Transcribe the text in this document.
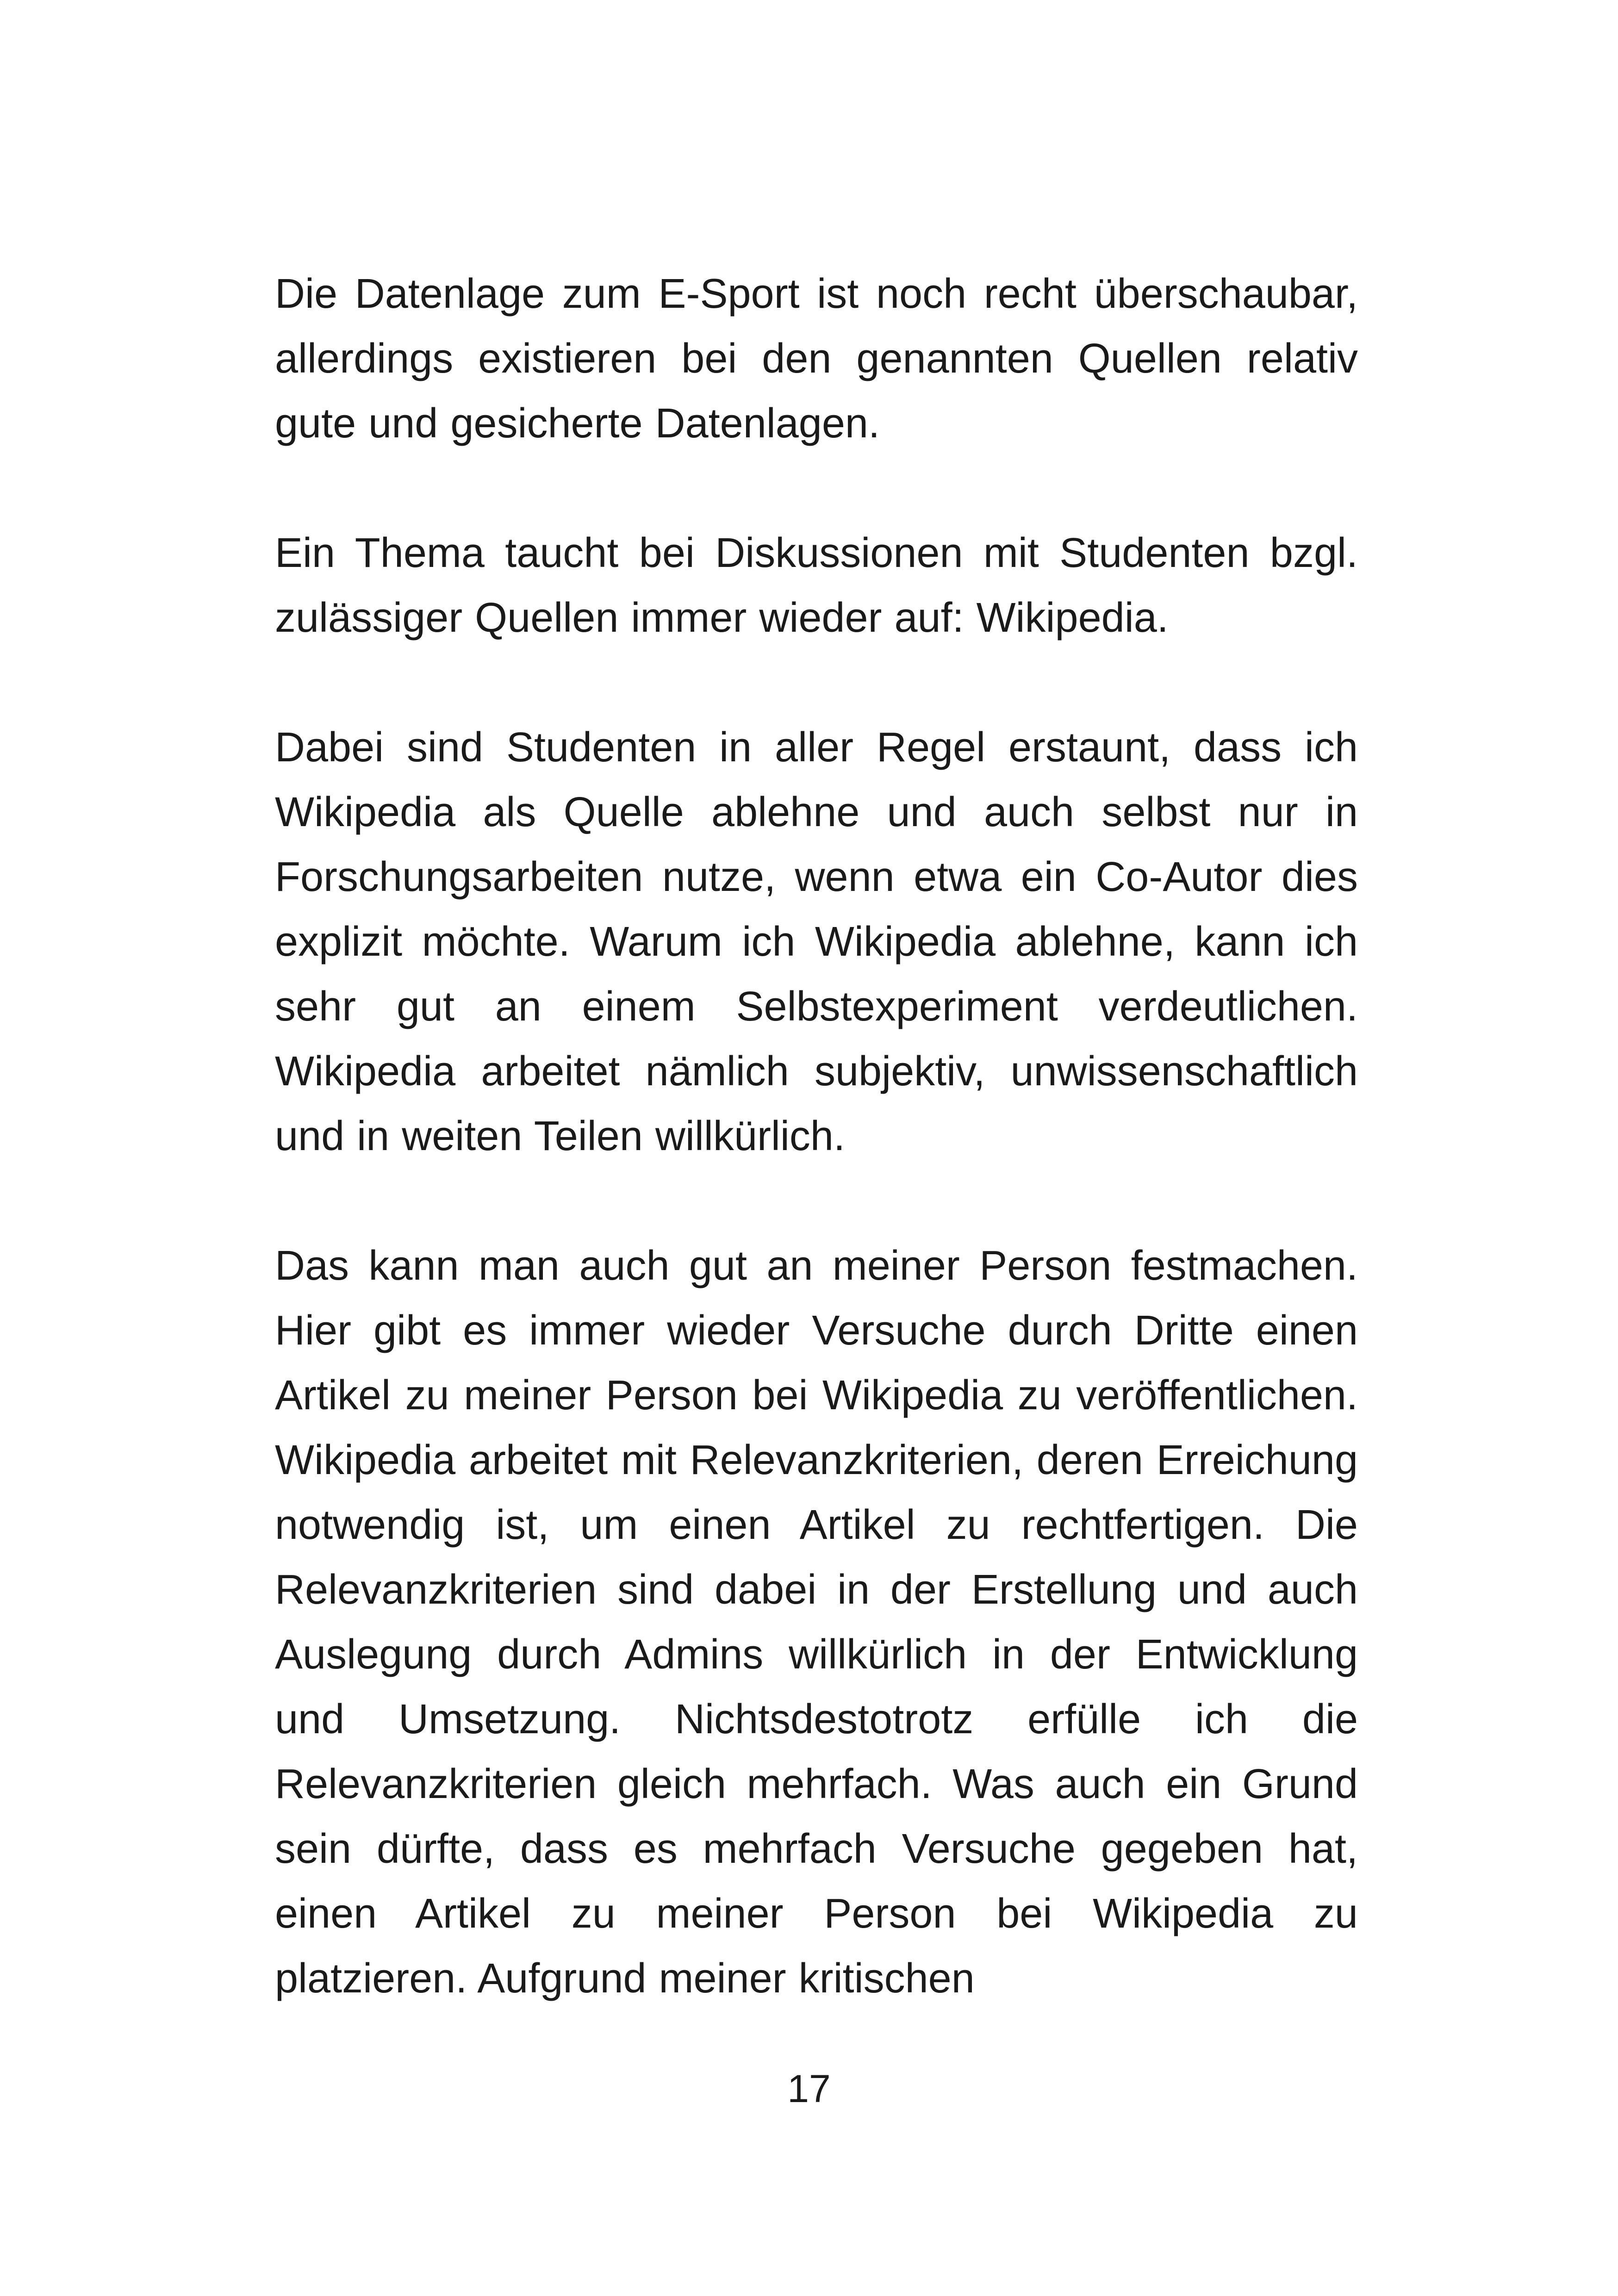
Die Datenlage zum E-Sport ist noch recht überschaubar, allerdings existieren bei den genannten Quellen relativ gute und gesicherte Datenlagen.

Ein Thema taucht bei Diskussionen mit Studenten bzgl. zulässiger Quellen immer wieder auf: Wikipedia.

Dabei sind Studenten in aller Regel erstaunt, dass ich Wikipedia als Quelle ablehne und auch selbst nur in Forschungsarbeiten nutze, wenn etwa ein Co-Autor dies explizit möchte. Warum ich Wikipedia ablehne, kann ich sehr gut an einem Selbstexperiment verdeutlichen. Wikipedia arbeitet nämlich subjektiv, unwissenschaftlich und in weiten Teilen willkürlich.

Das kann man auch gut an meiner Person festmachen. Hier gibt es immer wieder Versuche durch Dritte einen Artikel zu meiner Person bei Wikipedia zu veröffentlichen. Wikipedia arbeitet mit Relevanzkriterien, deren Erreichung notwendig ist, um einen Artikel zu rechtfertigen. Die Relevanzkriterien sind dabei in der Erstellung und auch Auslegung durch Admins willkürlich in der Entwicklung und Umsetzung. Nichtsdestotrotz erfülle ich die Relevanzkriterien gleich mehrfach. Was auch ein Grund sein dürfte, dass es mehrfach Versuche gegeben hat, einen Artikel zu meiner Person bei Wikipedia zu platzieren. Aufgrund meiner kritischen

17
